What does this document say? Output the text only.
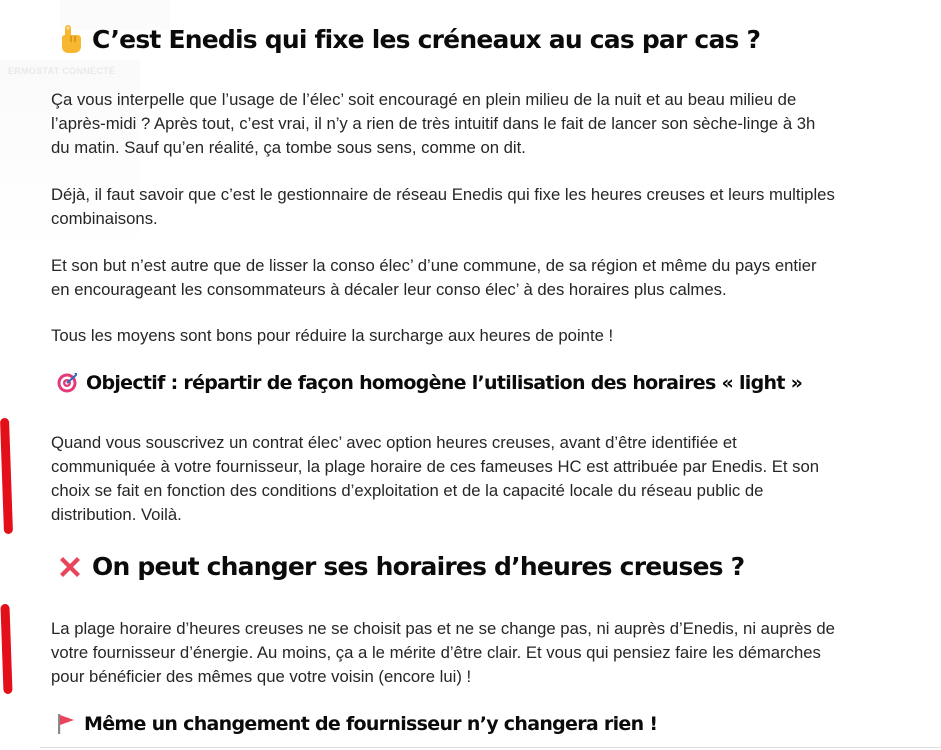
ERMOSTAT CONNECTÉ
C’est Enedis qui fixe les créneaux au cas par cas ?

Ça vous interpelle que l’usage de l’élec’ soit encouragé en plein milieu de la nuit et au beau milieu de
l’après-midi ? Après tout, c’est vrai, il n’y a rien de très intuitif dans le fait de lancer son sèche-linge à 3h
du matin. Sauf qu’en réalité, ça tombe sous sens, comme on dit.

Déjà, il faut savoir que c’est le gestionnaire de réseau Enedis qui fixe les heures creuses et leurs multiples
combinaisons.

Et son but n’est autre que de lisser la conso élec’ d’une commune, de sa région et même du pays entier
en encourageant les consommateurs à décaler leur conso élec’ à des horaires plus calmes.

Tous les moyens sont bons pour réduire la surcharge aux heures de pointe !

Objectif : répartir de façon homogène l’utilisation des horaires « light »

Quand vous souscrivez un contrat élec’ avec option heures creuses, avant d’être identifiée et
communiquée à votre fournisseur, la plage horaire de ces fameuses HC est attribuée par Enedis. Et son
choix se fait en fonction des conditions d’exploitation et de la capacité locale du réseau public de
distribution. Voilà.

On peut changer ses horaires d’heures creuses ?

La plage horaire d’heures creuses ne se choisit pas et ne se change pas, ni auprès d’Enedis, ni auprès de
votre fournisseur d’énergie. Au moins, ça a le mérite d’être clair. Et vous qui pensiez faire les démarches
pour bénéficier des mêmes que votre voisin (encore lui) !

Même un changement de fournisseur n’y changera rien !
